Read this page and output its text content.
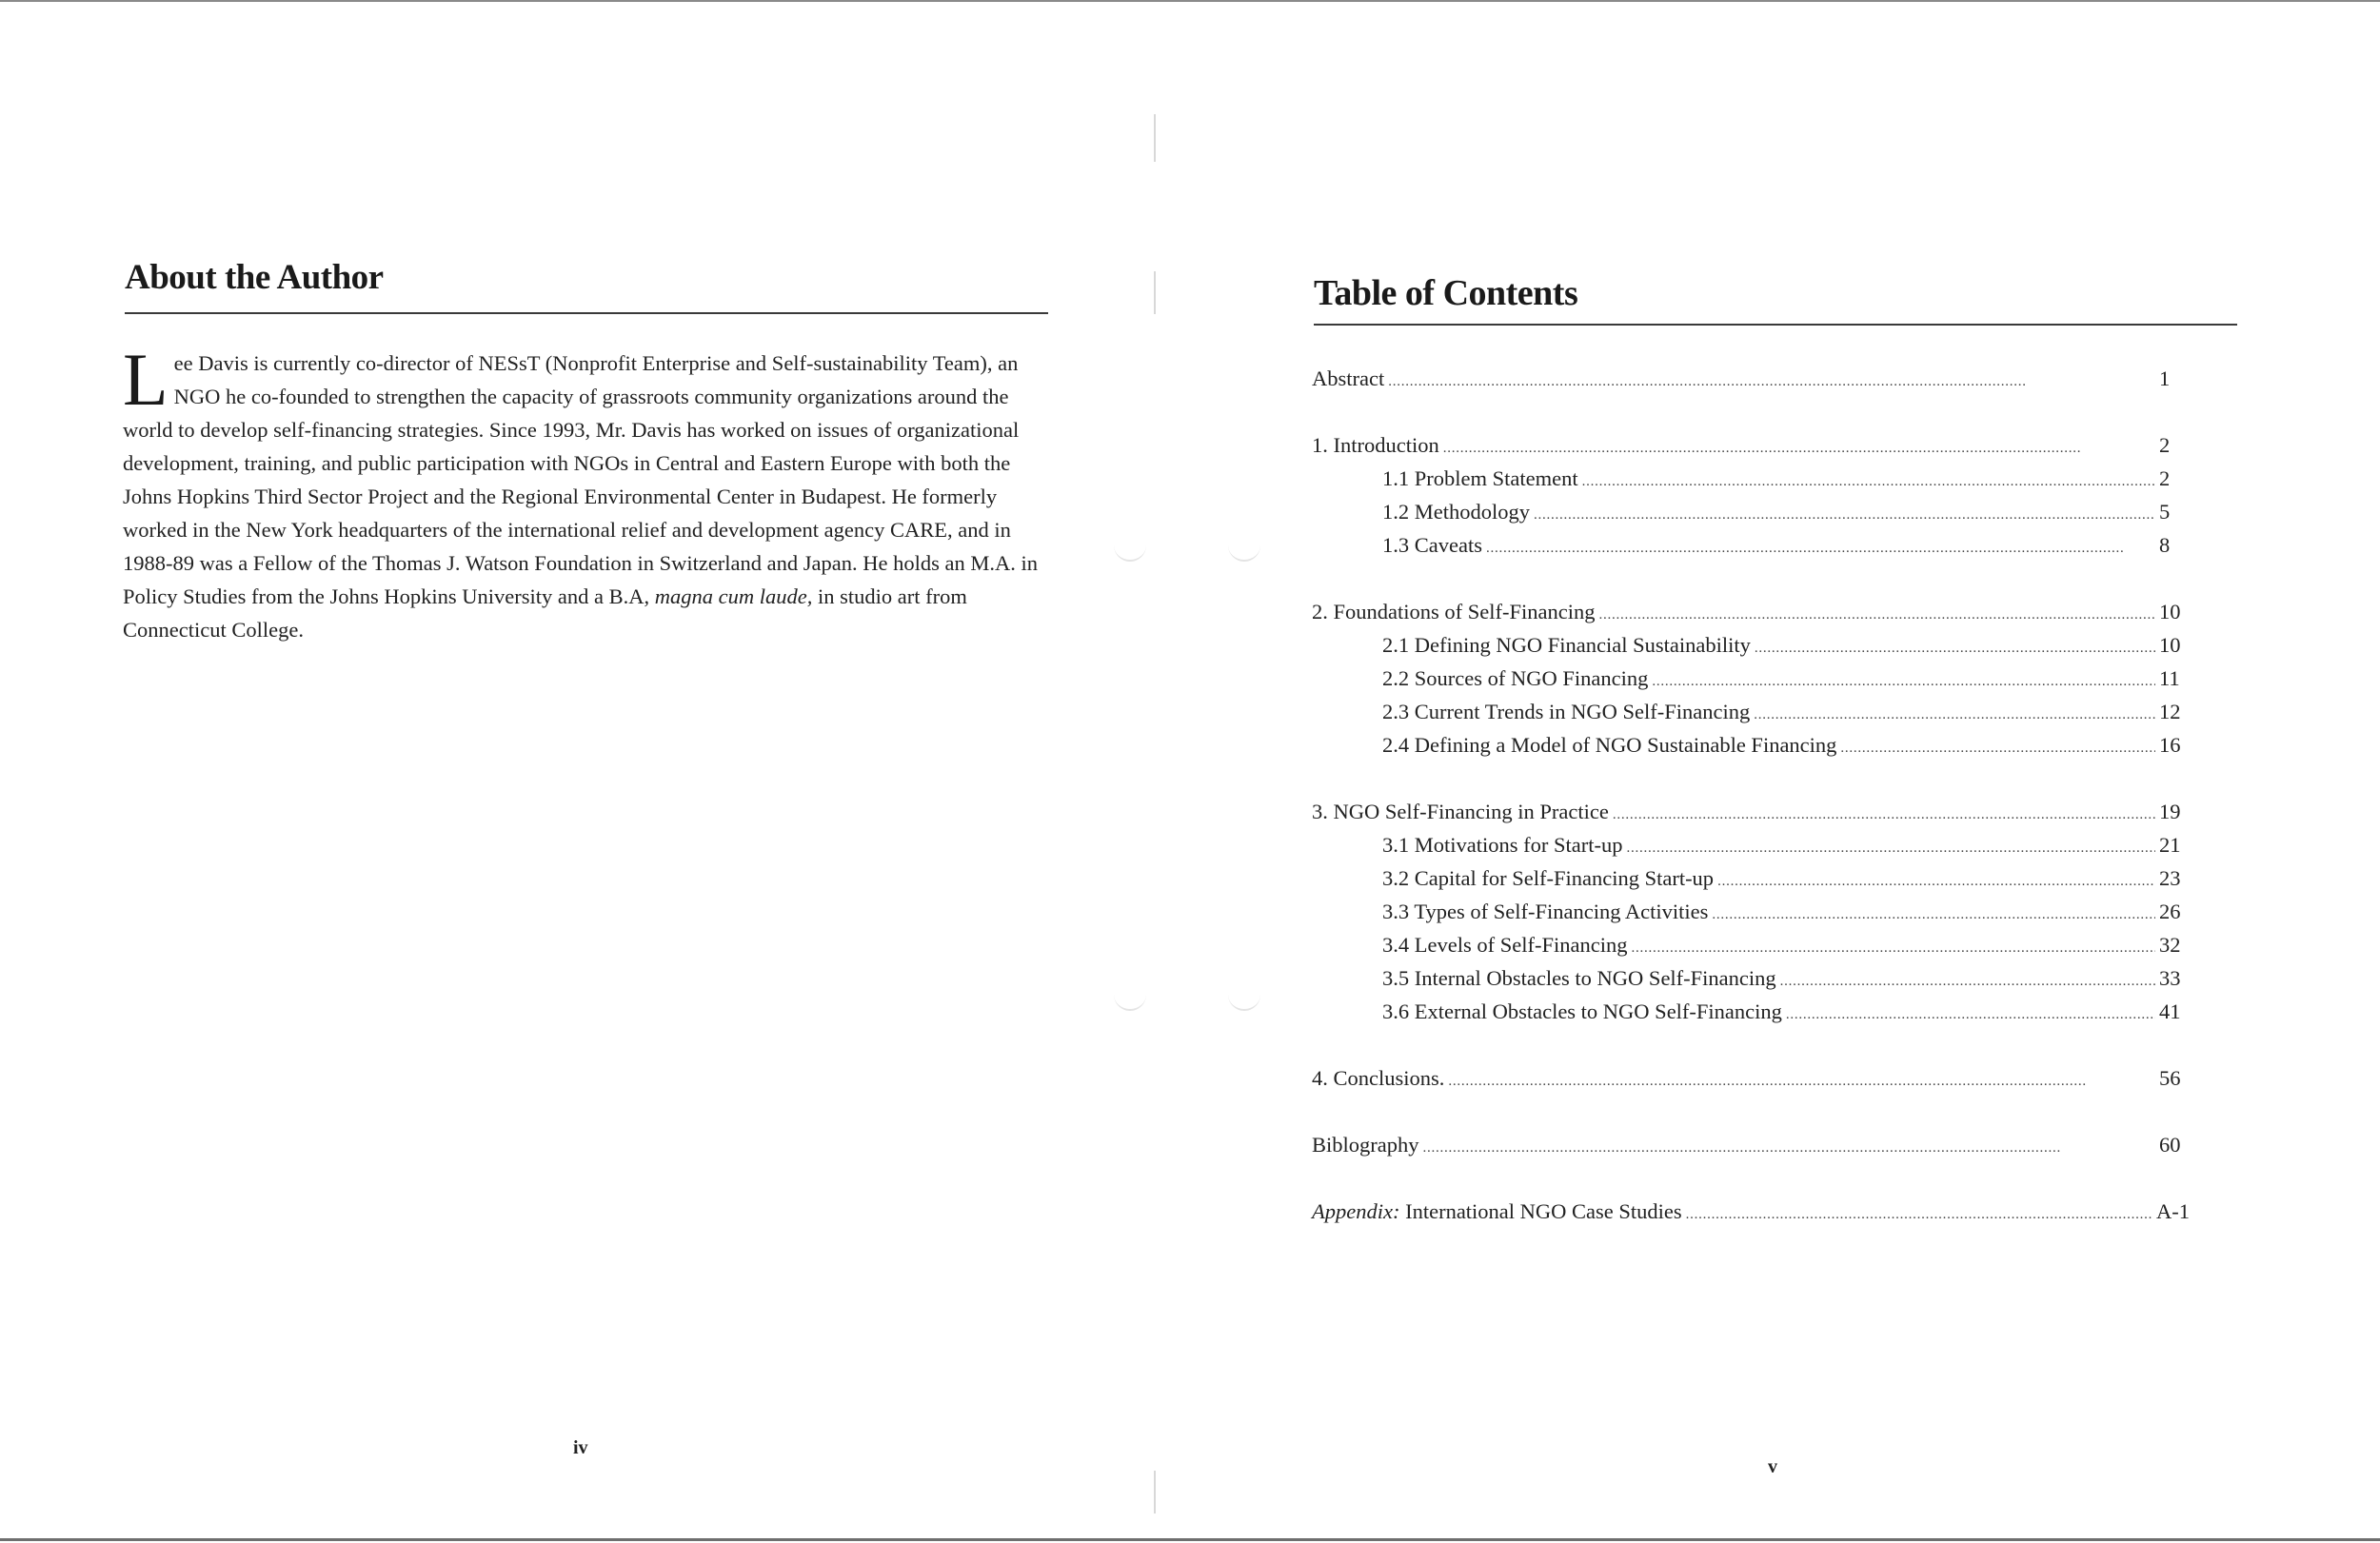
About the Author

Lee Davis is currently co-director of NESsT (Nonprofit Enterprise and Self-sustainability Team), an NGO he co-founded to strengthen the capacity of grassroots community organizations around the world to develop self-financing strategies. Since 1993, Mr. Davis has worked on issues of organizational development, training, and public participation with NGOs in Central and Eastern Europe with both the Johns Hopkins Third Sector Project and the Regional Environmental Center in Budapest. He formerly worked in the New York headquarters of the international relief and development agency CARE, and in 1988-89 was a Fellow of the Thomas J. Watson Foundation in Switzerland and Japan. He holds an M.A. in Policy Studies from the Johns Hopkins University and a B.A, magna cum laude, in studio art from Connecticut College.

iv
Table of Contents
Abstract . . .	1
1. Introduction . . .	2
1.1 Problem Statement . . .	2
1.2 Methodology . . .	5
1.3 Caveats . . .	8
2. Foundations of Self-Financing . . .	10
2.1 Defining NGO Financial Sustainability . . .	10
2.2 Sources of NGO Financing . . .	11
2.3 Current Trends in NGO Self-Financing . . .	12
2.4 Defining a Model of NGO Sustainable Financing . . .	16
3. NGO Self-Financing in Practice . . .	19
3.1 Motivations for Start-up . . .	21
3.2 Capital for Self-Financing Start-up . . .	23
3.3 Types of Self-Financing Activities . . .	26
3.4 Levels of Self-Financing . . .	32
3.5 Internal Obstacles to NGO Self-Financing . . .	33
3.6 External Obstacles to NGO Self-Financing . . .	41
4. Conclusions. . . .	56
Biblography . . .	60
Appendix: International NGO Case Studies . . .	A-1
v
